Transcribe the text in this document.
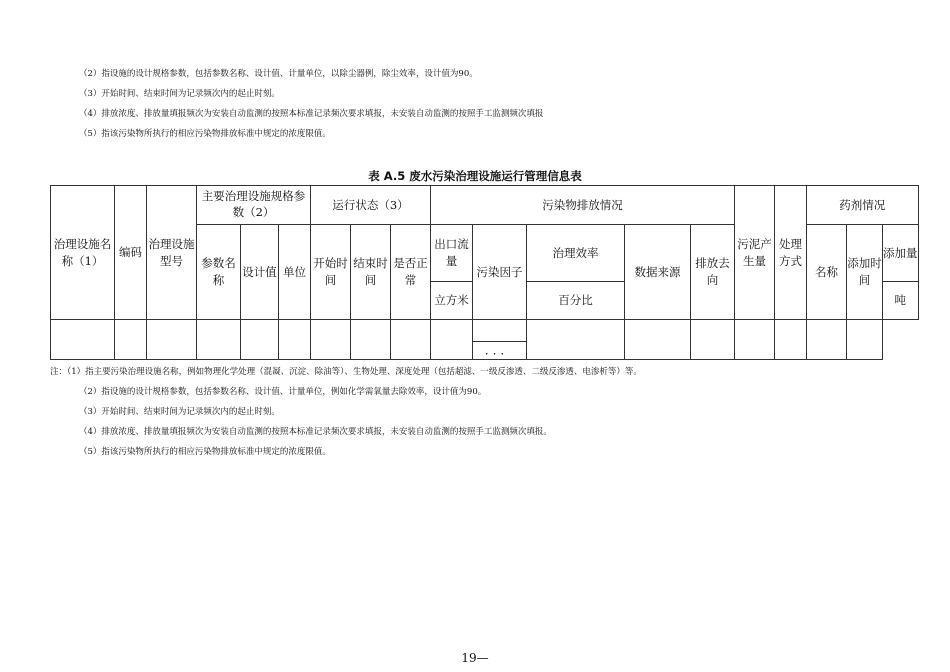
（2）指设施的设计规格参数，包括参数名称、设计值、计量单位，以除尘器例，除尘效率，设计值为90。
（3）开始时间、结束时间为记录频次内的起止时刻。
（4）排放浓度、排放量填报频次为安装自动监测的按照本标准记录频次要求填报，未安装自动监测的按照手工监测频次填报
（5）指该污染物所执行的相应污染物排放标准中规定的浓度限值。
表 A.5 废水污染治理设施运行管理信息表
治理设施名称（1）	编码	治理设施型号	主要治理设施规格参数（2）			运行状态（3）			污染物排放情况					污泥产生量	处理方式	药剂情况		
			参数名称	设计值	单位	开始时间	结束时间	是否正常	出口流量	污染因子	治理效率	数据来源	排放去向			名称	添加时间	添加量
									立方米		百分比							吨

										．．．								
注：（1）指主要污染治理设施名称，例如物理化学处理（混凝、沉淀、除油等）、生物处理、深度处理（包括超滤、一级反渗透、二级反渗透、电渗析等）等。
（2）指设施的设计规格参数，包括参数名称、设计值、计量单位，例如化学需氧量去除效率，设计值为90。
（3）开始时间、结束时间为记录频次内的起止时刻。
（4）排放浓度、排放量填报频次为安装自动监测的按照本标准记录频次要求填报，未安装自动监测的按照手工监测频次填报。
（5）指该污染物所执行的相应污染物排放标准中规定的浓度限值。
19—
